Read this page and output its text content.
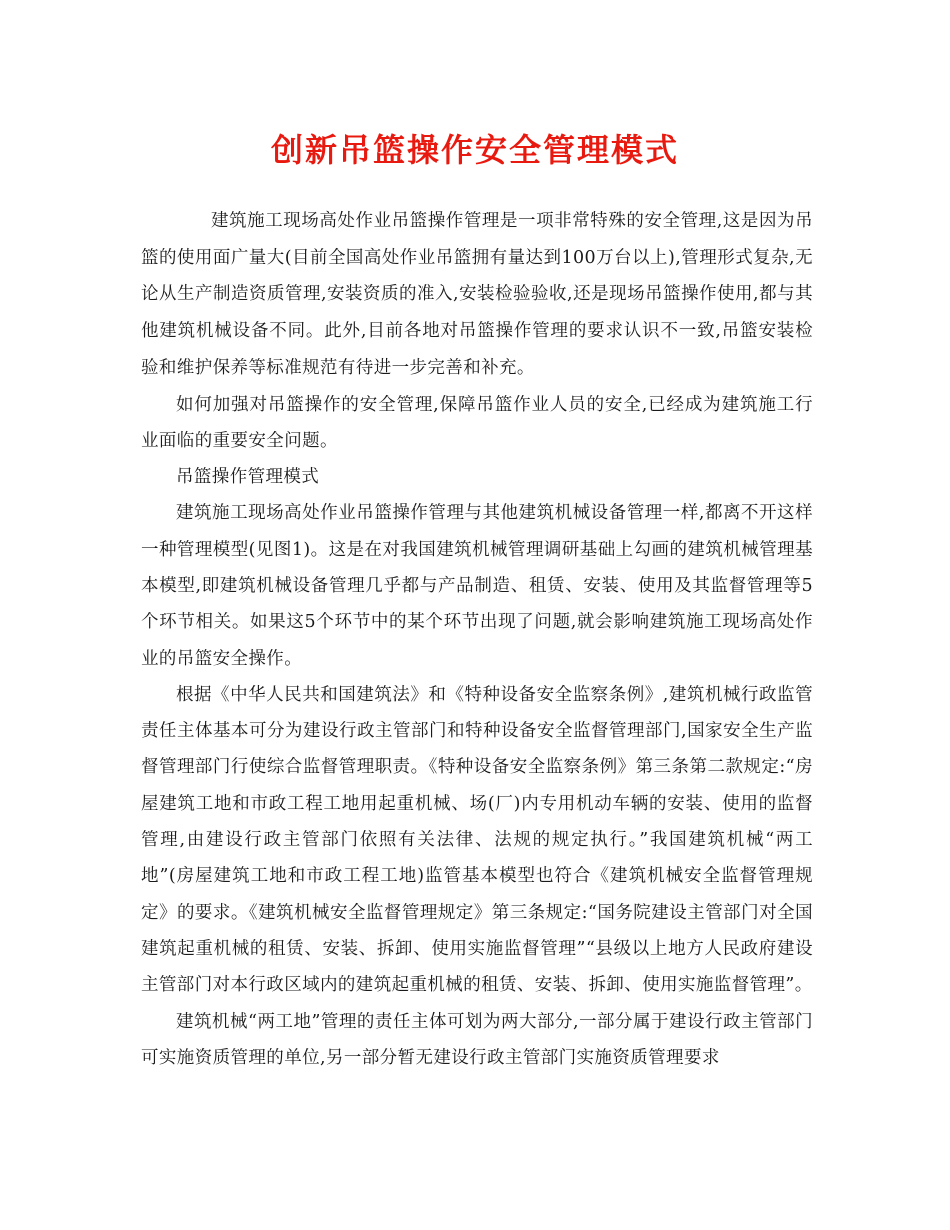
创新吊篮操作安全管理模式

建筑施工现场高处作业吊篮操作管理是一项非常特殊的安全管理,这是因为吊篮的使用面广量大(目前全国高处作业吊篮拥有量达到100万台以上),管理形式复杂,无论从生产制造资质管理,安装资质的准入,安装检验验收,还是现场吊篮操作使用,都与其他建筑机械设备不同。此外,目前各地对吊篮操作管理的要求认识不一致,吊篮安装检验和维护保养等标准规范有待进一步完善和补充。

如何加强对吊篮操作的安全管理,保障吊篮作业人员的安全,已经成为建筑施工行业面临的重要安全问题。

吊篮操作管理模式

建筑施工现场高处作业吊篮操作管理与其他建筑机械设备管理一样,都离不开这样一种管理模型(见图1)。这是在对我国建筑机械管理调研基础上勾画的建筑机械管理基本模型,即建筑机械设备管理几乎都与产品制造、租赁、安装、使用及其监督管理等5个环节相关。如果这5个环节中的某个环节出现了问题,就会影响建筑施工现场高处作业的吊篮安全操作。

根据《中华人民共和国建筑法》和《特种设备安全监察条例》,建筑机械行政监管责任主体基本可分为建设行政主管部门和特种设备安全监督管理部门,国家安全生产监督管理部门行使综合监督管理职责。《特种设备安全监察条例》第三条第二款规定:“房屋建筑工地和市政工程工地用起重机械、场(厂)内专用机动车辆的安装、使用的监督管理,由建设行政主管部门依照有关法律、法规的规定执行。”我国建筑机械“两工地”(房屋建筑工地和市政工程工地)监管基本模型也符合《建筑机械安全监督管理规定》的要求。《建筑机械安全监督管理规定》第三条规定:“国务院建设主管部门对全国建筑起重机械的租赁、安装、拆卸、使用实施监督管理”“县级以上地方人民政府建设主管部门对本行政区域内的建筑起重机械的租赁、安装、拆卸、使用实施监督管理”。

建筑机械“两工地”管理的责任主体可划为两大部分,一部分属于建设行政主管部门可实施资质管理的单位,另一部分暂无建设行政主管部门实施资质管理要求
